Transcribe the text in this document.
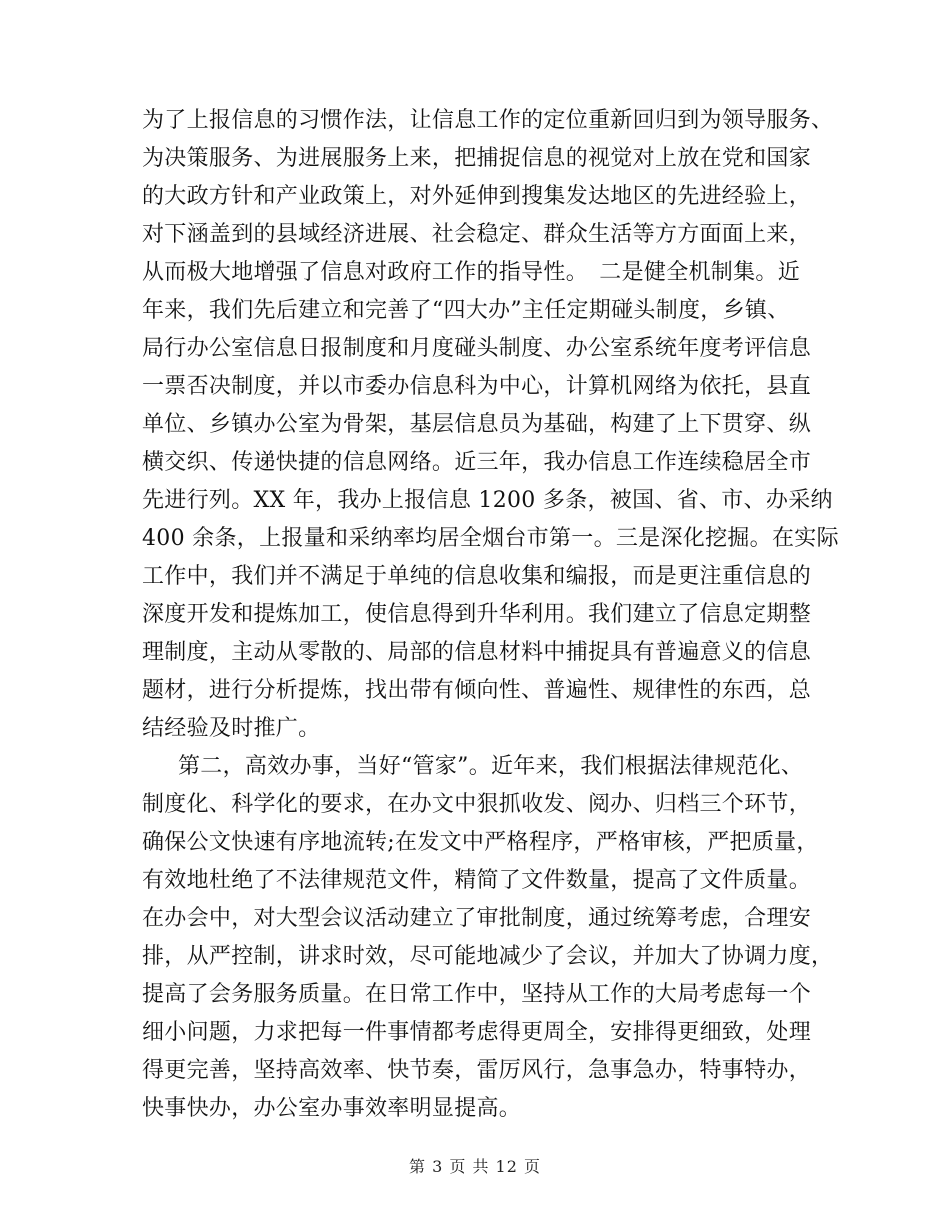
为了上报信息的习惯作法，让信息工作的定位重新回归到为领导服务、
为决策服务、为进展服务上来，把捕捉信息的视觉对上放在党和国家
的大政方针和产业政策上，对外延伸到搜集发达地区的先进经验上，
对下涵盖到的县域经济进展、社会稳定、群众生活等方方面面上来，
从而极大地增强了信息对政府工作的指导性。　二是健全机制集。近
年来，我们先后建立和完善了“四大办”主任定期碰头制度，乡镇、
局行办公室信息日报制度和月度碰头制度、办公室系统年度考评信息
一票否决制度，并以市委办信息科为中心，计算机网络为依托，县直
单位、乡镇办公室为骨架，基层信息员为基础，构建了上下贯穿、纵
横交织、传递快捷的信息网络。近三年，我办信息工作连续稳居全市
先进行列。XX 年，我办上报信息 1200 多条，被国、省、市、办采纳
400 余条，上报量和采纳率均居全烟台市第一。三是深化挖掘。在实际
工作中，我们并不满足于单纯的信息收集和编报，而是更注重信息的
深度开发和提炼加工，使信息得到升华利用。我们建立了信息定期整
理制度，主动从零散的、局部的信息材料中捕捉具有普遍意义的信息
题材，进行分析提炼，找出带有倾向性、普遍性、规律性的东西，总
结经验及时推广。
第二，高效办事，当好“管家”。近年来，我们根据法律规范化、
制度化、科学化的要求，在办文中狠抓收发、阅办、归档三个环节，
确保公文快速有序地流转;在发文中严格程序，严格审核，严把质量，
有效地杜绝了不法律规范文件，精简了文件数量，提高了文件质量。
在办会中，对大型会议活动建立了审批制度，通过统筹考虑，合理安
排，从严控制，讲求时效，尽可能地减少了会议，并加大了协调力度，
提高了会务服务质量。在日常工作中，坚持从工作的大局考虑每一个
细小问题，力求把每一件事情都考虑得更周全，安排得更细致，处理
得更完善，坚持高效率、快节奏，雷厉风行，急事急办，特事特办，
快事快办，办公室办事效率明显提高。
第 3 页 共 12 页
